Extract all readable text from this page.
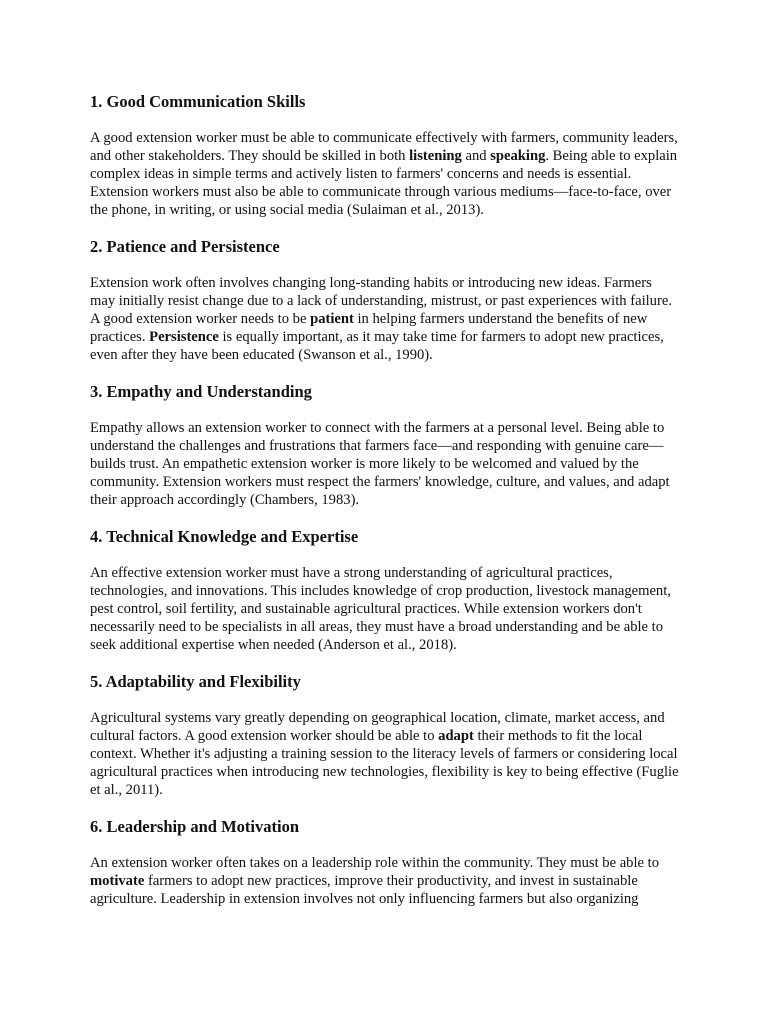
1. Good Communication Skills

A good extension worker must be able to communicate effectively with farmers, community leaders, and other stakeholders. They should be skilled in both listening and speaking. Being able to explain complex ideas in simple terms and actively listen to farmers' concerns and needs is essential. Extension workers must also be able to communicate through various mediums—face-to-face, over the phone, in writing, or using social media (Sulaiman et al., 2013).

2. Patience and Persistence

Extension work often involves changing long-standing habits or introducing new ideas. Farmers may initially resist change due to a lack of understanding, mistrust, or past experiences with failure. A good extension worker needs to be patient in helping farmers understand the benefits of new practices. Persistence is equally important, as it may take time for farmers to adopt new practices, even after they have been educated (Swanson et al., 1990).

3. Empathy and Understanding

Empathy allows an extension worker to connect with the farmers at a personal level. Being able to understand the challenges and frustrations that farmers face—and responding with genuine care—builds trust. An empathetic extension worker is more likely to be welcomed and valued by the community. Extension workers must respect the farmers' knowledge, culture, and values, and adapt their approach accordingly (Chambers, 1983).

4. Technical Knowledge and Expertise

An effective extension worker must have a strong understanding of agricultural practices, technologies, and innovations. This includes knowledge of crop production, livestock management, pest control, soil fertility, and sustainable agricultural practices. While extension workers don't necessarily need to be specialists in all areas, they must have a broad understanding and be able to seek additional expertise when needed (Anderson et al., 2018).

5. Adaptability and Flexibility

Agricultural systems vary greatly depending on geographical location, climate, market access, and cultural factors. A good extension worker should be able to adapt their methods to fit the local context. Whether it's adjusting a training session to the literacy levels of farmers or considering local agricultural practices when introducing new technologies, flexibility is key to being effective (Fuglie et al., 2011).

6. Leadership and Motivation

An extension worker often takes on a leadership role within the community. They must be able to motivate farmers to adopt new practices, improve their productivity, and invest in sustainable agriculture. Leadership in extension involves not only influencing farmers but also organizing
